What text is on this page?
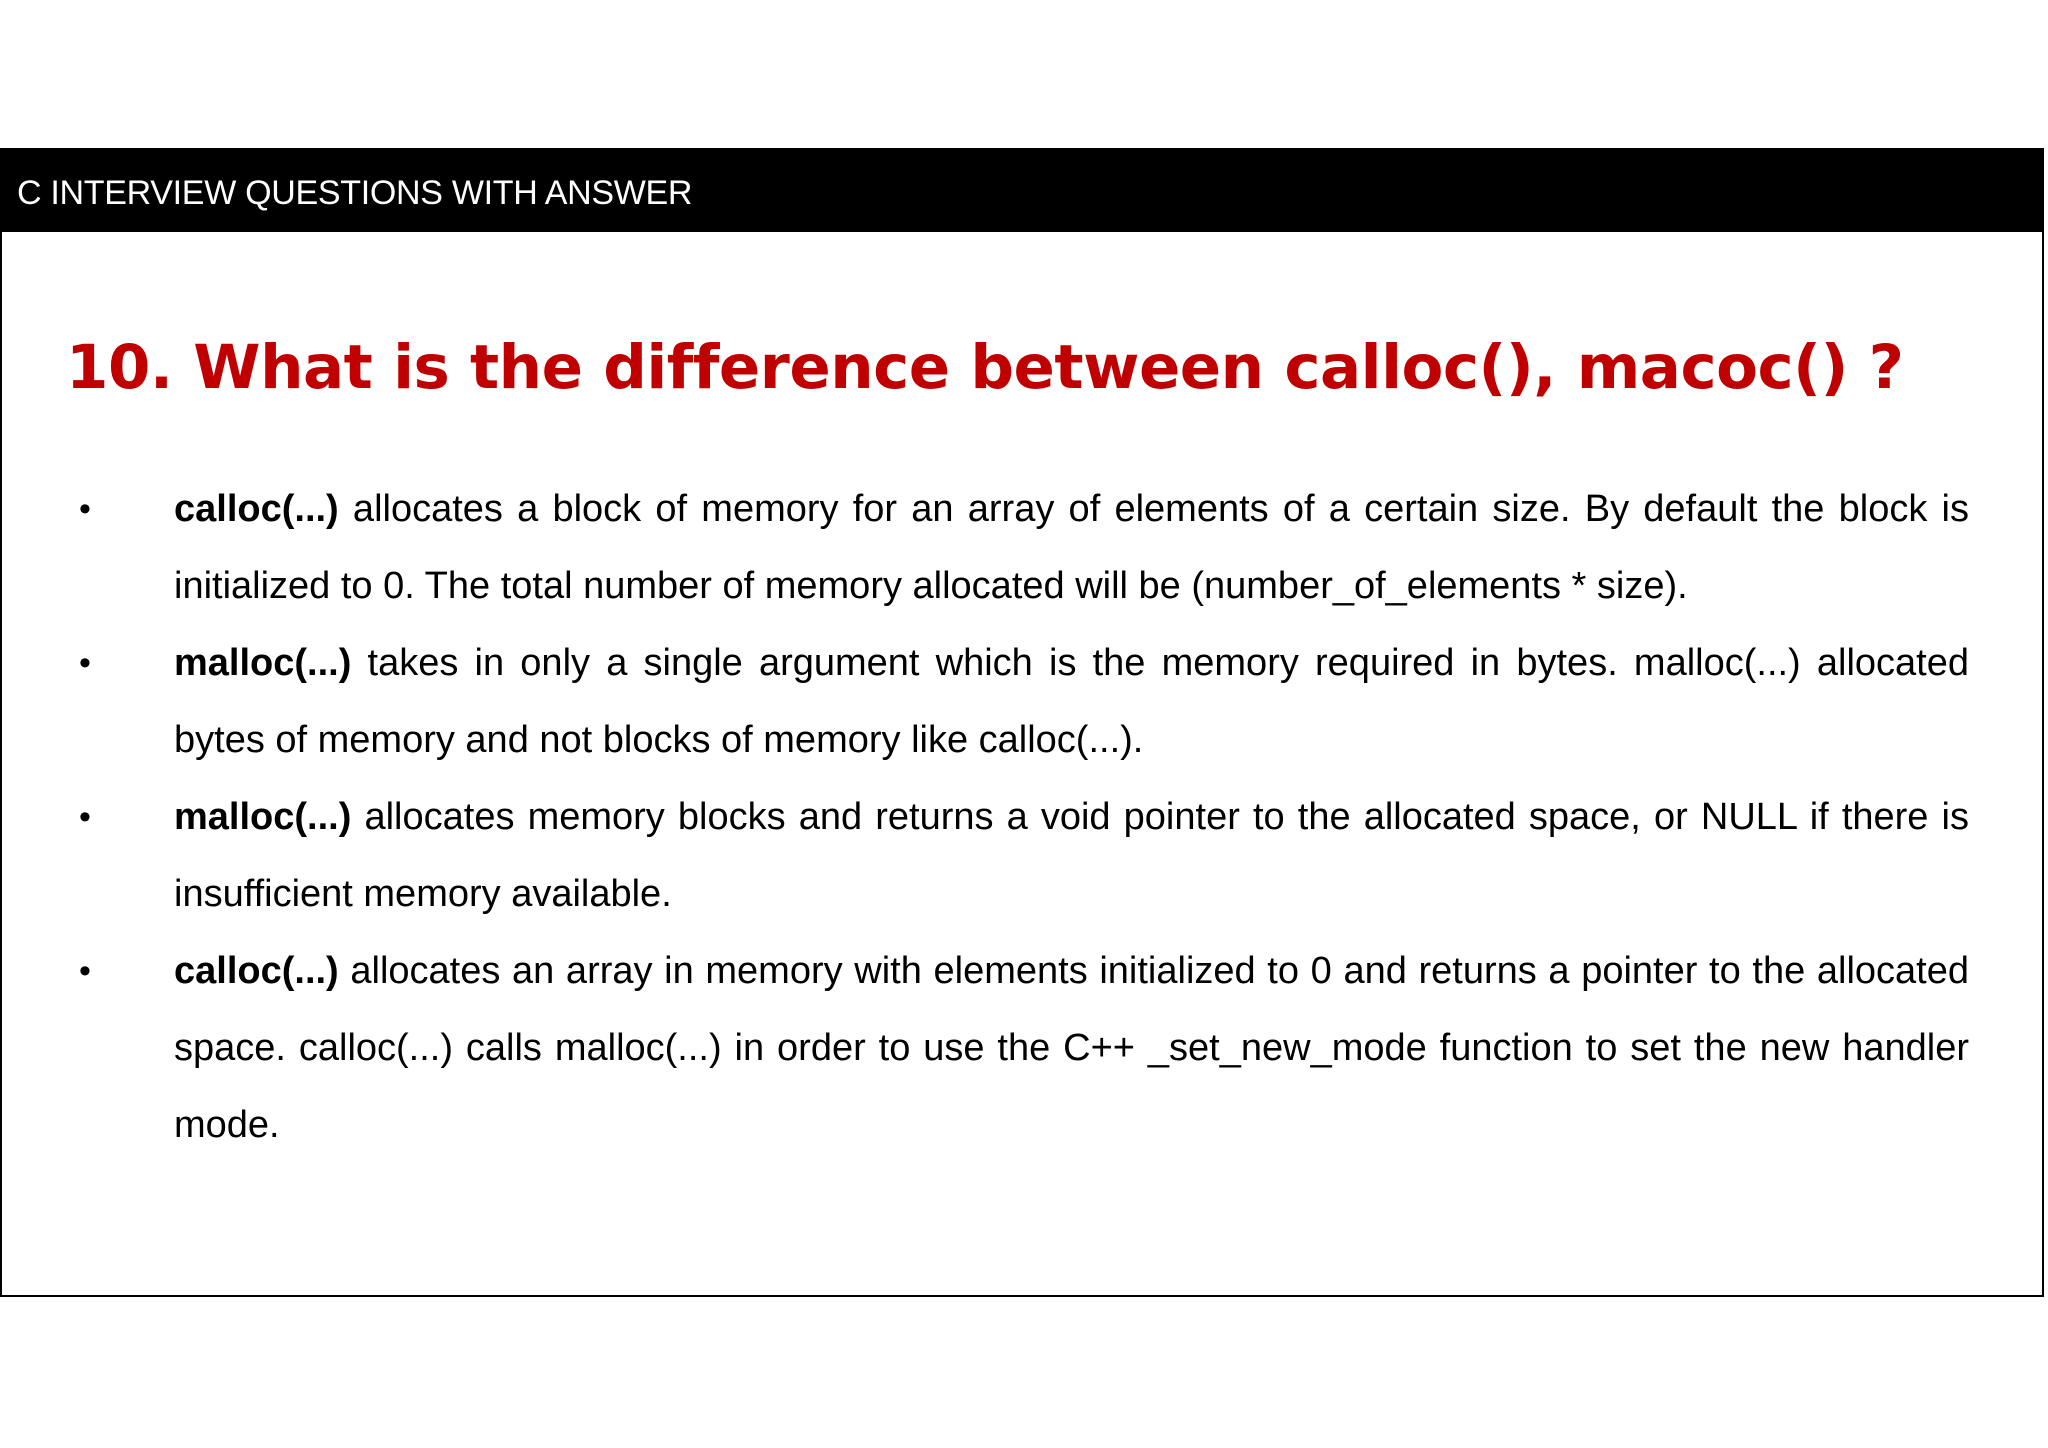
C INTERVIEW QUESTIONS WITH ANSWER
10. What is the difference between calloc(), macoc() ?
• calloc(...) allocates a block of memory for an array of elements of a certain size. By default the block is initialized to 0. The total number of memory allocated will be (number_of_elements * size).
• malloc(...) takes in only a single argument which is the memory required in bytes. malloc(...) allocated bytes of memory and not blocks of memory like calloc(...).
• malloc(...) allocates memory blocks and returns a void pointer to the allocated space, or NULL if there is insufficient memory available.
• calloc(...) allocates an array in memory with elements initialized to 0 and returns a pointer to the allocated space. calloc(...) calls malloc(...) in order to use the C++ _set_new_mode function to set the new handler mode.
